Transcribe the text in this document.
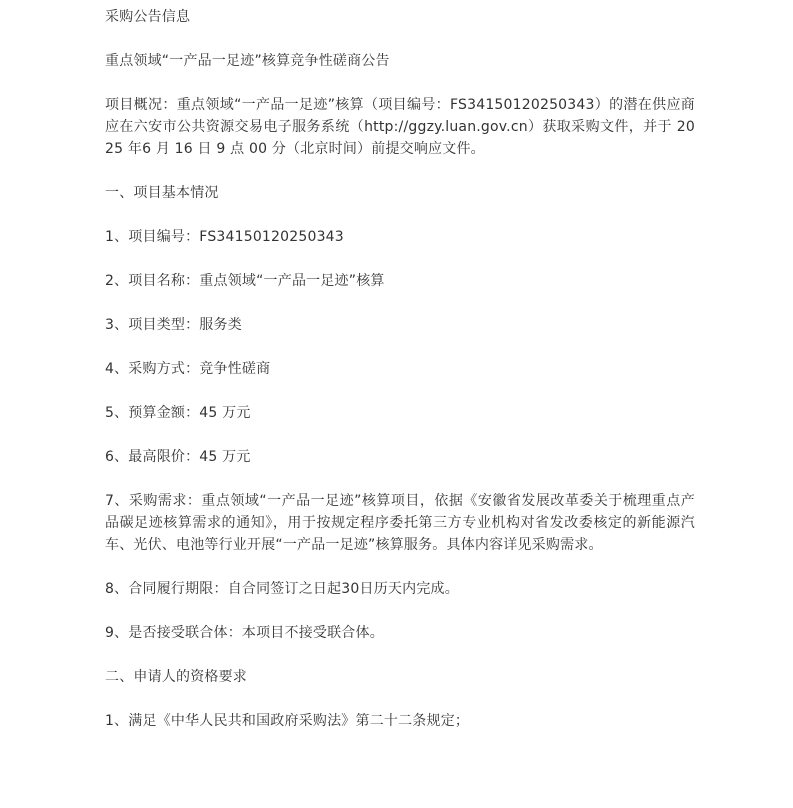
采购公告信息

重点领域“一产品一足迹”核算竞争性磋商公告

项目概况：重点领域“一产品一足迹”核算（项目编号：FS34150120250343）的潜在供应商应在六安市公共资源交易电子服务系统（http://ggzy.luan.gov.cn）获取采购文件，并于 2025 年6 月 16 日 9 点 00 分（北京时间）前提交响应文件。

一、项目基本情况

1、项目编号：FS34150120250343

2、项目名称：重点领域“一产品一足迹”核算

3、项目类型：服务类

4、采购方式：竞争性磋商

5、预算金额：45 万元

6、最高限价：45 万元

7、采购需求：重点领域“一产品一足迹”核算项目，依据《安徽省发展改革委关于梳理重点产品碳足迹核算需求的通知》，用于按规定程序委托第三方专业机构对省发改委核定的新能源汽车、光伏、电池等行业开展“一产品一足迹”核算服务。具体内容详见采购需求。

8、合同履行期限：自合同签订之日起30日历天内完成。

9、是否接受联合体：本项目不接受联合体。

二、申请人的资格要求

1、满足《中华人民共和国政府采购法》第二十二条规定；
